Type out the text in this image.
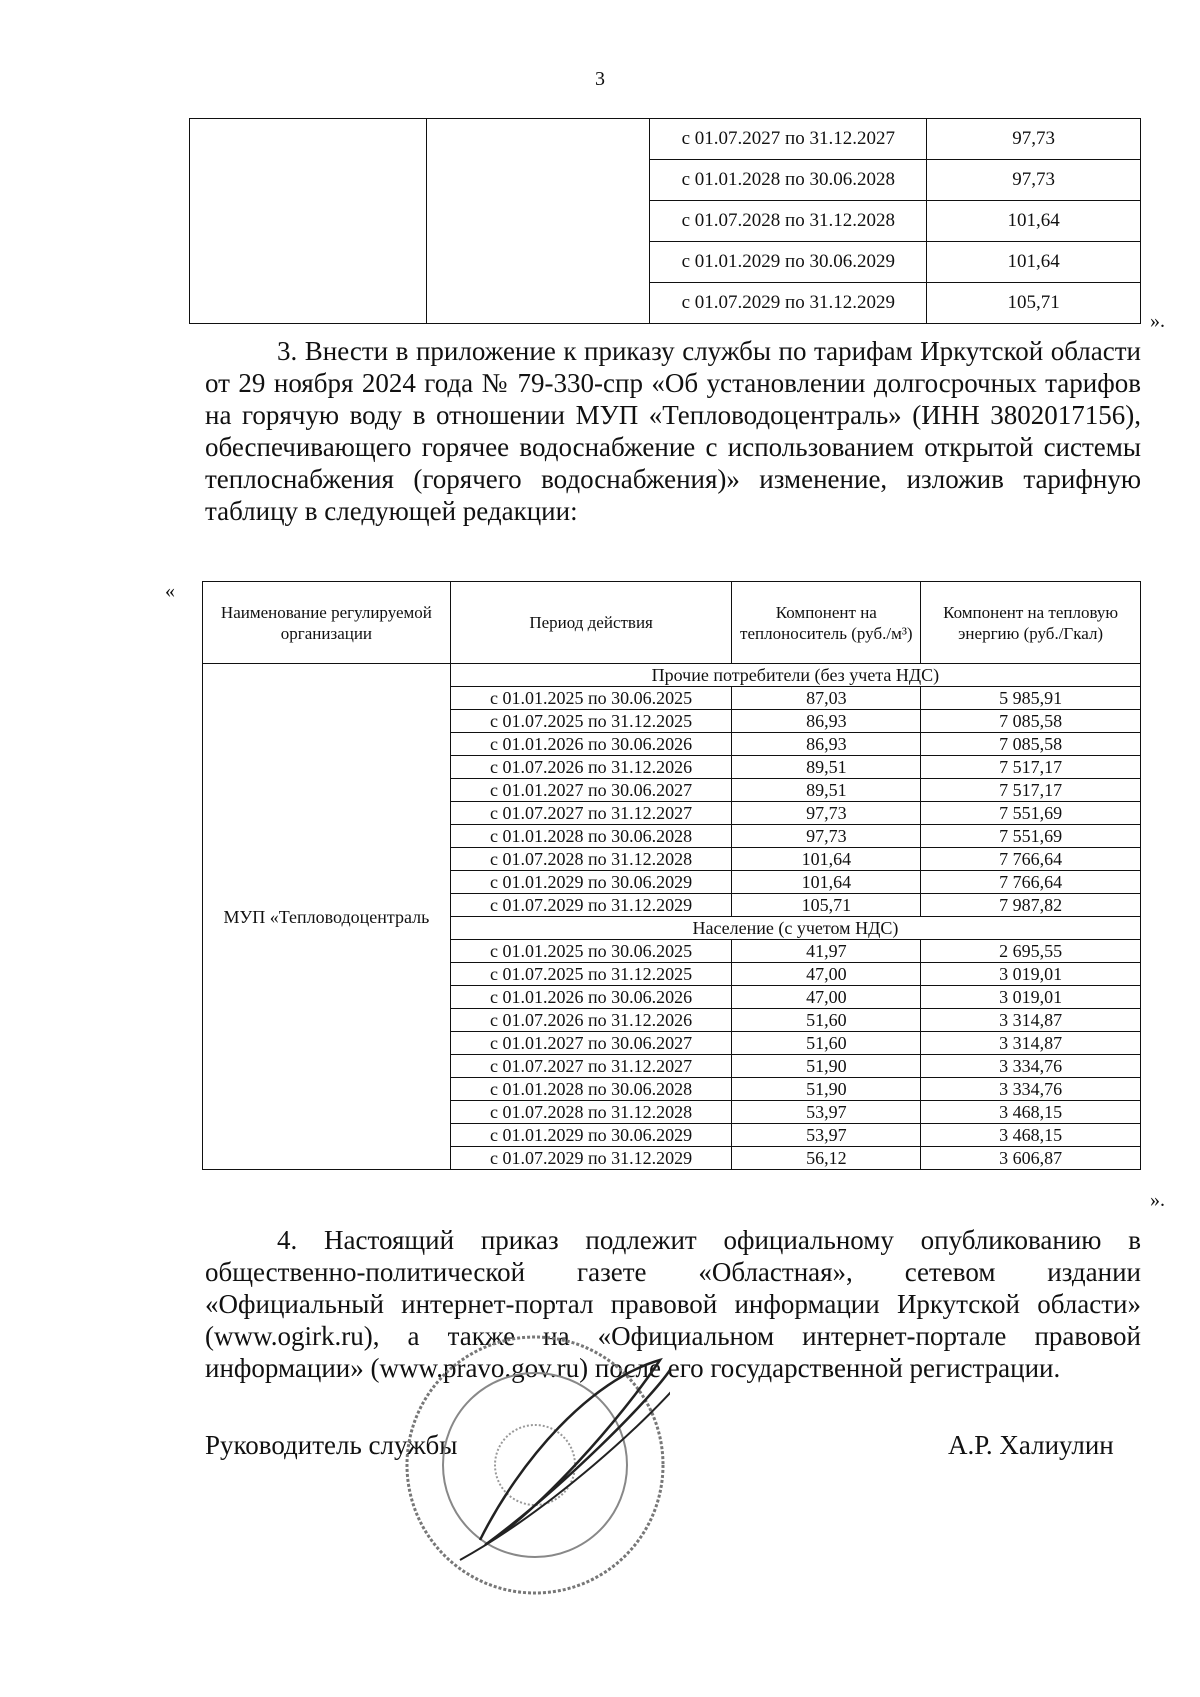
3
		с 01.07.2027 по 31.12.2027	97,73
		с 01.01.2028 по 30.06.2028	97,73
		с 01.07.2028 по 31.12.2028	101,64
		с 01.01.2029 по 30.06.2029	101,64
		с 01.07.2029 по 31.12.2029	105,71
».
3. Внести в приложение к приказу службы по тарифам Иркутской области от 29 ноября 2024 года № 79-330-спр «Об установлении долгосрочных тарифов на горячую воду в отношении МУП «Тепловодоцентраль» (ИНН 3802017156), обеспечивающего горячее водоснабжение с использованием открытой системы теплоснабжения (горячего водоснабжения)» изменение, изложив тарифную таблицу в следующей редакции:
«
Наименование регулируемой организации	Период действия	Компонент на теплоноситель (руб./м³)	Компонент на тепловую энергию (руб./Гкал)
МУП «Тепловодоцентраль	Прочие потребители (без учета НДС)		
	с 01.01.2025 по 30.06.2025	87,03	5 985,91
	с 01.07.2025 по 31.12.2025	86,93	7 085,58
	с 01.01.2026 по 30.06.2026	86,93	7 085,58
	с 01.07.2026 по 31.12.2026	89,51	7 517,17
	с 01.01.2027 по 30.06.2027	89,51	7 517,17
	с 01.07.2027 по 31.12.2027	97,73	7 551,69
	с 01.01.2028 по 30.06.2028	97,73	7 551,69
	с 01.07.2028 по 31.12.2028	101,64	7 766,64
	с 01.01.2029 по 30.06.2029	101,64	7 766,64
	с 01.07.2029 по 31.12.2029	105,71	7 987,82
	Население (с учетом НДС)		
	с 01.01.2025 по 30.06.2025	41,97	2 695,55
	с 01.07.2025 по 31.12.2025	47,00	3 019,01
	с 01.01.2026 по 30.06.2026	47,00	3 019,01
	с 01.07.2026 по 31.12.2026	51,60	3 314,87
	с 01.01.2027 по 30.06.2027	51,60	3 314,87
	с 01.07.2027 по 31.12.2027	51,90	3 334,76
	с 01.01.2028 по 30.06.2028	51,90	3 334,76
	с 01.07.2028 по 31.12.2028	53,97	3 468,15
	с 01.01.2029 по 30.06.2029	53,97	3 468,15
	с 01.07.2029 по 31.12.2029	56,12	3 606,87
».
4. Настоящий приказ подлежит официальному опубликованию в общественно-политической газете «Областная», сетевом издании «Официальный интернет-портал правовой информации Иркутской области» (www.ogirk.ru), а также на «Официальном интернет-портале правовой информации» (www.pravo.gov.ru) после его государственной регистрации.
Руководитель службы	А.Р. Халиулин
